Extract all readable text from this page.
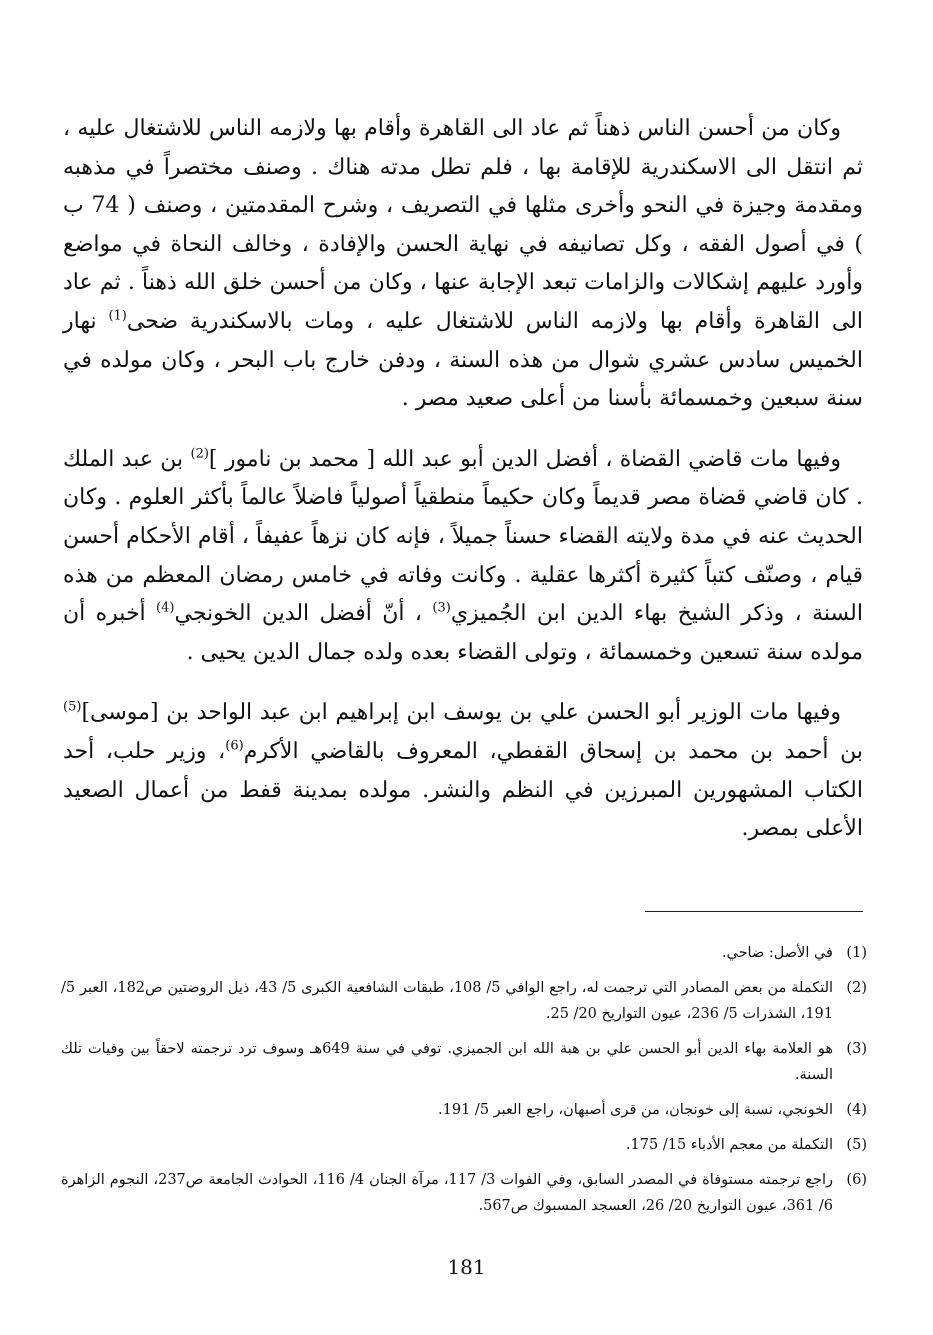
وكان من أحسن الناس ذهناً ثم عاد الى القاهرة وأقام بها ولازمه الناس للاشتغال عليه ، ثم انتقل الى الاسكندرية للإقامة بها ، فلم تطل مدته هناك . وصنف مختصراً في مذهبه ومقدمة وجيزة في النحو وأخرى مثلها في التصريف ، وشرح المقدمتين ، وصنف ( 74 ب ) في أصول الفقه ، وكل تصانيفه في نهاية الحسن والإفادة ، وخالف النحاة في مواضع وأورد عليهم إشكالات والزامات تبعد الإجابة عنها ، وكان من أحسن خلق الله ذهناً . ثم عاد الى القاهرة وأقام بها ولازمه الناس للاشتغال عليه ، ومات بالاسكندرية ضحى$^{(1)}$ نهار الخميس سادس عشري شوال من هذه السنة ، ودفن خارج باب البحر ، وكان مولده في سنة سبعين وخمسمائة بأسنا من أعلى صعيد مصر .

وفيها مات قاضي القضاة ، أفضل الدين أبو عبد الله [ محمد بن نامور ]$^{(2)}$ بن عبد الملك . كان قاضي قضاة مصر قديماً وكان حكيماً منطقياً أصولياً فاضلاً عالماً بأكثر العلوم . وكان الحديث عنه في مدة ولايته القضاء حسناً جميلاً ، فإنه كان نزهاً عفيفاً ، أقام الأحكام أحسن قيام ، وصنّف كتباً كثيرة أكثرها عقلية . وكانت وفاته في خامس رمضان المعظم من هذه السنة ، وذكر الشيخ بهاء الدين ابن الجُميزي$^{(3)}$ ، أنّ أفضل الدين الخونجي$^{(4)}$ أخبره أن مولده سنة تسعين وخمسمائة ، وتولى القضاء بعده ولده جمال الدين يحيى .

وفيها مات الوزير أبو الحسن علي بن يوسف ابن إبراهيم ابن عبد الواحد بن [موسى]$^{(5)}$ بن أحمد بن محمد بن إسحاق القفطي، المعروف بالقاضي الأكرم$^{(6)}$، وزير حلب، أحد الكتاب المشهورين المبرزين في النظم والنشر. مولده بمدينة قفط من أعمال الصعيد الأعلى بمصر.

(1)
في الأصل: ضاحي.
(2)
التكملة من بعض المصادر التي ترجمت له، راجع الوافي 5/ 108، طبقات الشافعية الكبرى 5/ 43، ذيل الروضتين ص182، العبر 5/ 191، الشذرات 5/ 236، عيون التواريخ 20/ 25.
(3)
هو العلامة بهاء الدين أبو الحسن علي بن هبة الله ابن الجميزي. توفي في سنة 649هـ وسوف ترد ترجمته لاحقاً بين وفيات تلك السنة.
(4)
الخونجي، نسبة إلى خونجان، من قرى أصبهان، راجع العبر 5/ 191.
(5)
التكملة من معجم الأدباء 15/ 175.
(6)
راجع ترجمته مستوفاة في المصدر السابق، وفي الفوات 3/ 117، مرآة الجنان 4/ 116، الحوادث الجامعة ص237، النجوم الزاهرة 6/ 361، عيون التواريخ 20/ 26، العسجد المسبوك ص567.
181
